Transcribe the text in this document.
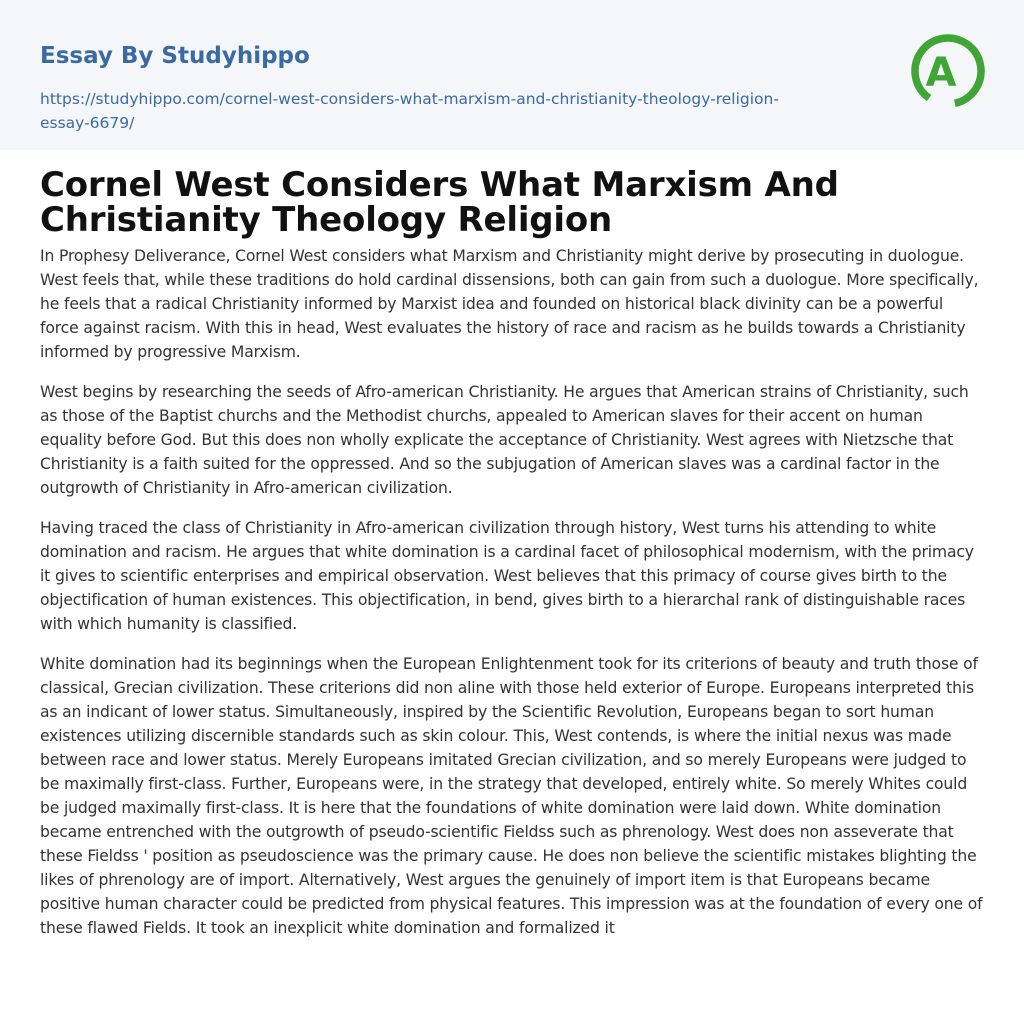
Essay By Studyhippo
https://studyhippo.com/cornel-west-considers-what-marxism-and-christianity-theology-religion-essay-6679/
A
Cornel West Considers What Marxism And Christianity Theology Religion

In Prophesy Deliverance, Cornel West considers what Marxism and Christianity might derive by prosecuting in duologue. West feels that, while these traditions do hold cardinal dissensions, both can gain from such a duologue. More specifically, he feels that a radical Christianity informed by Marxist idea and founded on historical black divinity can be a powerful force against racism. With this in head, West evaluates the history of race and racism as he builds towards a Christianity informed by progressive Marxism.

West begins by researching the seeds of Afro-american Christianity. He argues that American strains of Christianity, such as those of the Baptist churchs and the Methodist churchs, appealed to American slaves for their accent on human equality before God. But this does non wholly explicate the acceptance of Christianity. West agrees with Nietzsche that Christianity is a faith suited for the oppressed. And so the subjugation of American slaves was a cardinal factor in the outgrowth of Christianity in Afro-american civilization.

Having traced the class of Christianity in Afro-american civilization through history, West turns his attending to white domination and racism. He argues that white domination is a cardinal facet of philosophical modernism, with the primacy it gives to scientific enterprises and empirical observation. West believes that this primacy of course gives birth to the objectification of human existences. This objectification, in bend, gives birth to a hierarchal rank of distinguishable races with which humanity is classified.

White domination had its beginnings when the European Enlightenment took for its criterions of beauty and truth those of classical, Grecian civilization. These criterions did non aline with those held exterior of Europe. Europeans interpreted this as an indicant of lower status. Simultaneously, inspired by the Scientific Revolution, Europeans began to sort human existences utilizing discernible standards such as skin colour. This, West contends, is where the initial nexus was made between race and lower status. Merely Europeans imitated Grecian civilization, and so merely Europeans were judged to be maximally first-class. Further, Europeans were, in the strategy that developed, entirely white. So merely Whites could be judged maximally first-class. It is here that the foundations of white domination were laid down. White domination became entrenched with the outgrowth of pseudo-scientific Fieldss such as phrenology. West does non asseverate that these Fieldss ' position as pseudoscience was the primary cause. He does non believe the scientific mistakes blighting the likes of phrenology are of import. Alternatively, West argues the genuinely of import item is that Europeans became positive human character could be predicted from physical features. This impression was at the foundation of every one of these flawed Fields. It took an inexplicit white domination and formalized it
